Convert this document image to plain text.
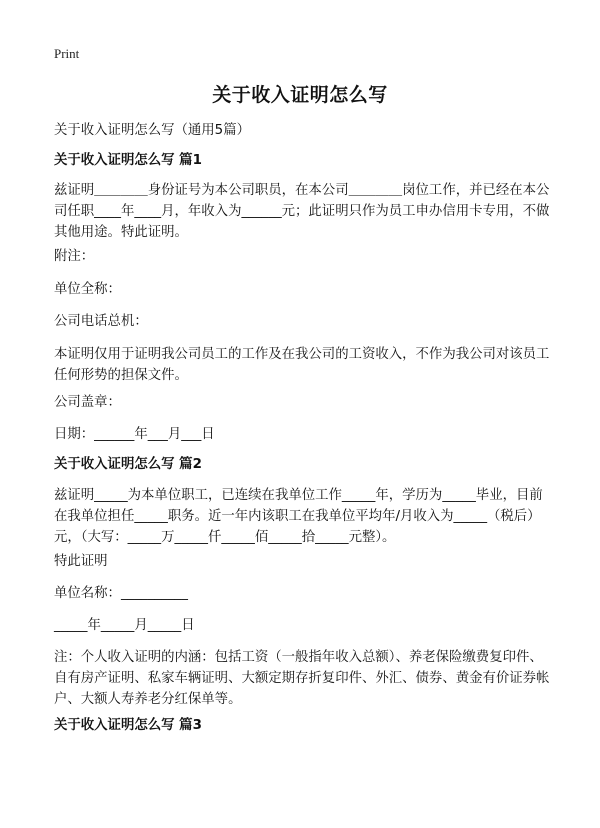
Print
关于收入证明怎么写
关于收入证明怎么写（通用5篇）
关于收入证明怎么写 篇1
兹证明＿＿＿＿身份证号为本公司职员，在本公司＿＿＿＿岗位工作，并已经在本公司任职____年____月，年收入为______元；此证明只作为员工申办信用卡专用，不做其他用途。特此证明。
附注：
单位全称：
公司电话总机：
本证明仅用于证明我公司员工的工作及在我公司的工资收入，不作为我公司对该员工任何形势的担保文件。
公司盖章：
日期：______年___月___日
关于收入证明怎么写 篇2
兹证明_____为本单位职工，已连续在我单位工作_____年，学历为_____毕业，目前在我单位担任_____职务。近一年内该职工在我单位平均年/月收入为_____（税后）元，（大写：_____万_____仟_____佰_____拾_____元整）。
特此证明
单位名称：__________
_____年_____月_____日
注：个人收入证明的内涵：包括工资（一般指年收入总额）、养老保险缴费复印件、自有房产证明、私家车辆证明、大额定期存折复印件、外汇、债券、黄金有价证券帐户、大额人寿养老分红保单等。
关于收入证明怎么写 篇3
